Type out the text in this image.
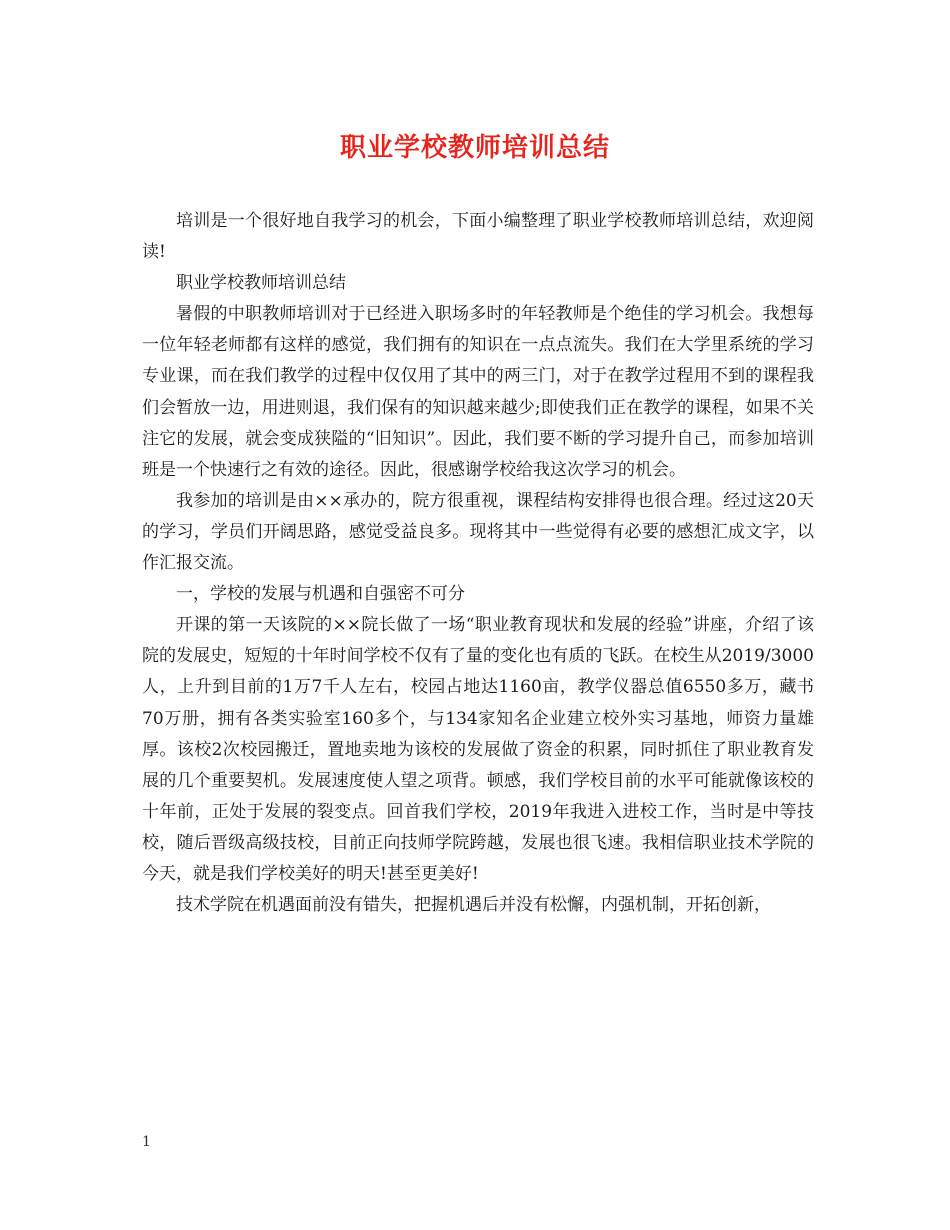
职业学校教师培训总结

培训是一个很好地自我学习的机会，下面小编整理了职业学校教师培训总结，欢迎阅读!

职业学校教师培训总结

暑假的中职教师培训对于已经进入职场多时的年轻教师是个绝佳的学习机会。我想每一位年轻老师都有这样的感觉，我们拥有的知识在一点点流失。我们在大学里系统的学习专业课，而在我们教学的过程中仅仅用了其中的两三门，对于在教学过程用不到的课程我们会暂放一边，用进则退，我们保有的知识越来越少;即使我们正在教学的课程，如果不关注它的发展，就会变成狭隘的“旧知识”。因此，我们要不断的学习提升自己，而参加培训班是一个快速行之有效的途径。因此，很感谢学校给我这次学习的机会。

我参加的培训是由××承办的，院方很重视，课程结构安排得也很合理。经过这20天的学习，学员们开阔思路，感觉受益良多。现将其中一些觉得有必要的感想汇成文字，以作汇报交流。

一，学校的发展与机遇和自强密不可分

开课的第一天该院的××院长做了一场“职业教育现状和发展的经验”讲座，介绍了该院的发展史，短短的十年时间学校不仅有了量的变化也有质的飞跃。在校生从2019/3000人，上升到目前的1万7千人左右，校园占地达1160亩，教学仪器总值6550多万，藏书70万册，拥有各类实验室160多个，与134家知名企业建立校外实习基地，师资力量雄厚。该校2次校园搬迁，置地卖地为该校的发展做了资金的积累，同时抓住了职业教育发展的几个重要契机。发展速度使人望之项背。顿感，我们学校目前的水平可能就像该校的十年前，正处于发展的裂变点。回首我们学校，2019年我进入进校工作，当时是中等技校，随后晋级高级技校，目前正向技师学院跨越，发展也很飞速。我相信职业技术学院的今天，就是我们学校美好的明天!甚至更美好!

技术学院在机遇面前没有错失，把握机遇后并没有松懈，内强机制，开拓创新，

1
